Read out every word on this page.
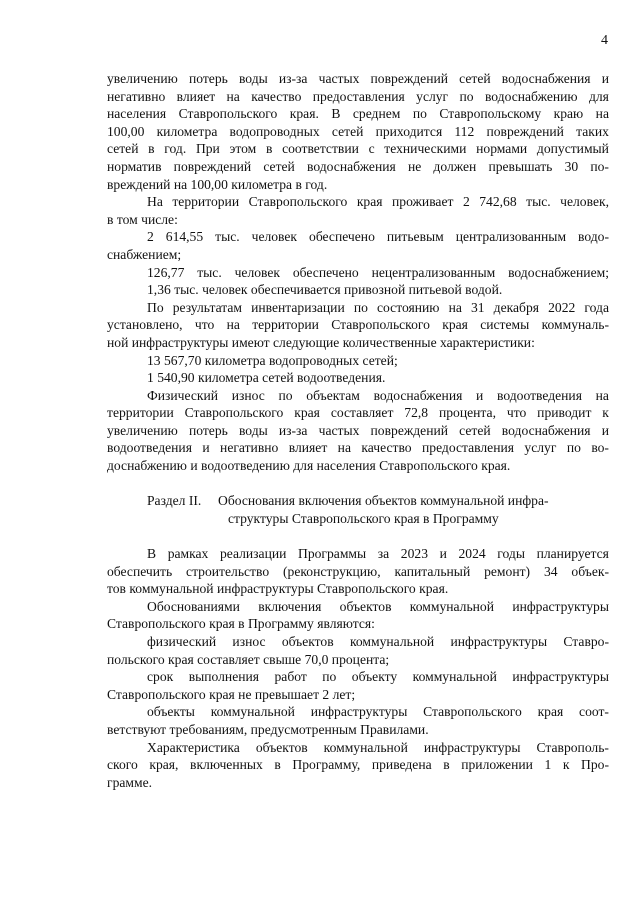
4
увеличению потерь воды из-за частых повреждений сетей водоснабжения и
негативно влияет на качество предоставления услуг по водоснабжению для
населения Ставропольского края. В среднем по Ставропольскому краю на
100,00 километра водопроводных сетей приходится 112 повреждений таких
сетей в год. При этом в соответствии с техническими нормами допустимый
норматив повреждений сетей водоснабжения не должен превышать 30 по-
вреждений на 100,00 километра в год.
На территории Ставропольского края проживает 2 742,68 тыс. человек,
в том числе:
2 614,55 тыс. человек обеспечено питьевым централизованным водо-
снабжением;
126,77 тыс. человек обеспечено нецентрализованным водоснабжением;
1,36 тыс. человек обеспечивается привозной питьевой водой.
По результатам инвентаризации по состоянию на 31 декабря 2022 года
установлено, что на территории Ставропольского края системы коммуналь-
ной инфраструктуры имеют следующие количественные характеристики:
13 567,70 километра водопроводных сетей;
1 540,90 километра сетей водоотведения.
Физический износ по объектам водоснабжения и водоотведения на
территории Ставропольского края составляет 72,8 процента, что приводит к
увеличению потерь воды из-за частых повреждений сетей водоснабжения и
водоотведения и негативно влияет на качество предоставления услуг по во-
доснабжению и водоотведению для населения Ставропольского края.
Раздел II.	Обоснования включения объектов коммунальной инфра-
структуры Ставропольского края в Программу
В рамках реализации Программы за 2023 и 2024 годы планируется
обеспечить строительство (реконструкцию, капитальный ремонт) 34 объек-
тов коммунальной инфраструктуры Ставропольского края.
Обоснованиями включения объектов коммунальной инфраструктуры
Ставропольского края в Программу являются:
физический износ объектов коммунальной инфраструктуры Ставро-
польского края составляет свыше 70,0 процента;
срок выполнения работ по объекту коммунальной инфраструктуры
Ставропольского края не превышает 2 лет;
объекты коммунальной инфраструктуры Ставропольского края соот-
ветствуют требованиям, предусмотренным Правилами.
Характеристика объектов коммунальной инфраструктуры Ставрополь-
ского края, включенных в Программу, приведена в приложении 1 к Про-
грамме.
